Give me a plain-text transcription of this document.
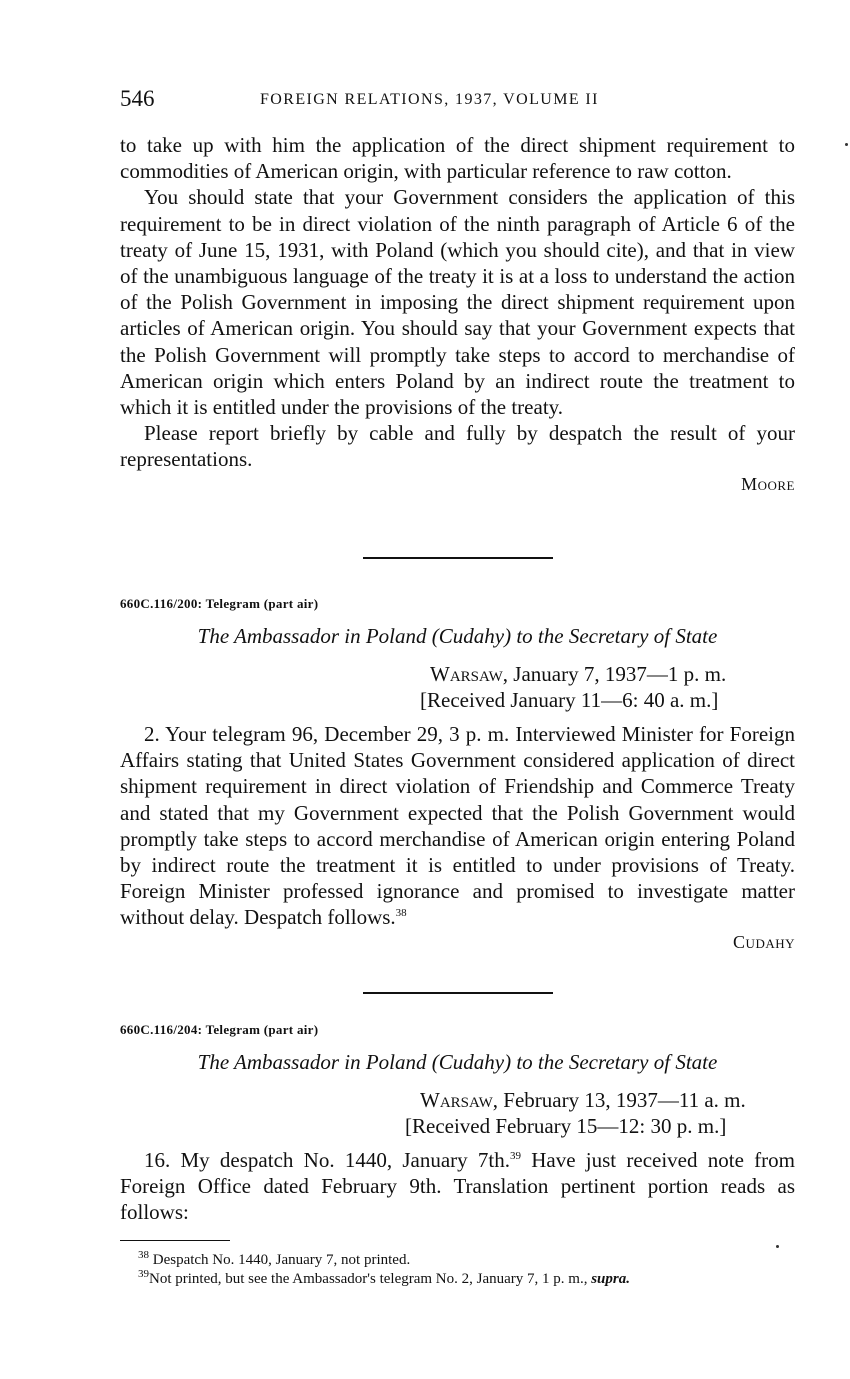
546	FOREIGN RELATIONS, 1937, VOLUME II

to take up with him the application of the direct shipment requirement to commodities of American origin, with particular reference to raw cotton.

You should state that your Government considers the application of this requirement to be in direct violation of the ninth paragraph of Article 6 of the treaty of June 15, 1931, with Poland (which you should cite), and that in view of the unambiguous language of the treaty it is at a loss to understand the action of the Polish Government in imposing the direct shipment requirement upon articles of American origin. You should say that your Government expects that the Polish Government will promptly take steps to accord to merchandise of American origin which enters Poland by an indirect route the treatment to which it is entitled under the provisions of the treaty.

Please report briefly by cable and fully by despatch the result of your representations.

Moore
660C.116/200: Telegram (part air)
The Ambassador in Poland (Cudahy) to the Secretary of State
Warsaw, January 7, 1937—1 p. m.
[Received January 11—6: 40 a. m.]

2. Your telegram 96, December 29, 3 p. m. Interviewed Minister for Foreign Affairs stating that United States Government considered application of direct shipment requirement in direct violation of Friendship and Commerce Treaty and stated that my Government expected that the Polish Government would promptly take steps to accord merchandise of American origin entering Poland by indirect route the treatment it is entitled to under provisions of Treaty. Foreign Minister professed ignorance and promised to investigate matter without delay. Despatch follows.$^{38}$

Cudahy
660C.116/204: Telegram (part air)
The Ambassador in Poland (Cudahy) to the Secretary of State
Warsaw, February 13, 1937—11 a. m.
[Received February 15—12: 30 p. m.]

16. My despatch No. 1440, January 7th.$^{39}$ Have just received note from Foreign Office dated February 9th. Translation pertinent portion reads as follows:

$^{38}$ Despatch No. 1440, January 7, not printed.

$^{39}$Not printed, but see the Ambassador's telegram No. 2, January 7, 1 p. m., supra.
